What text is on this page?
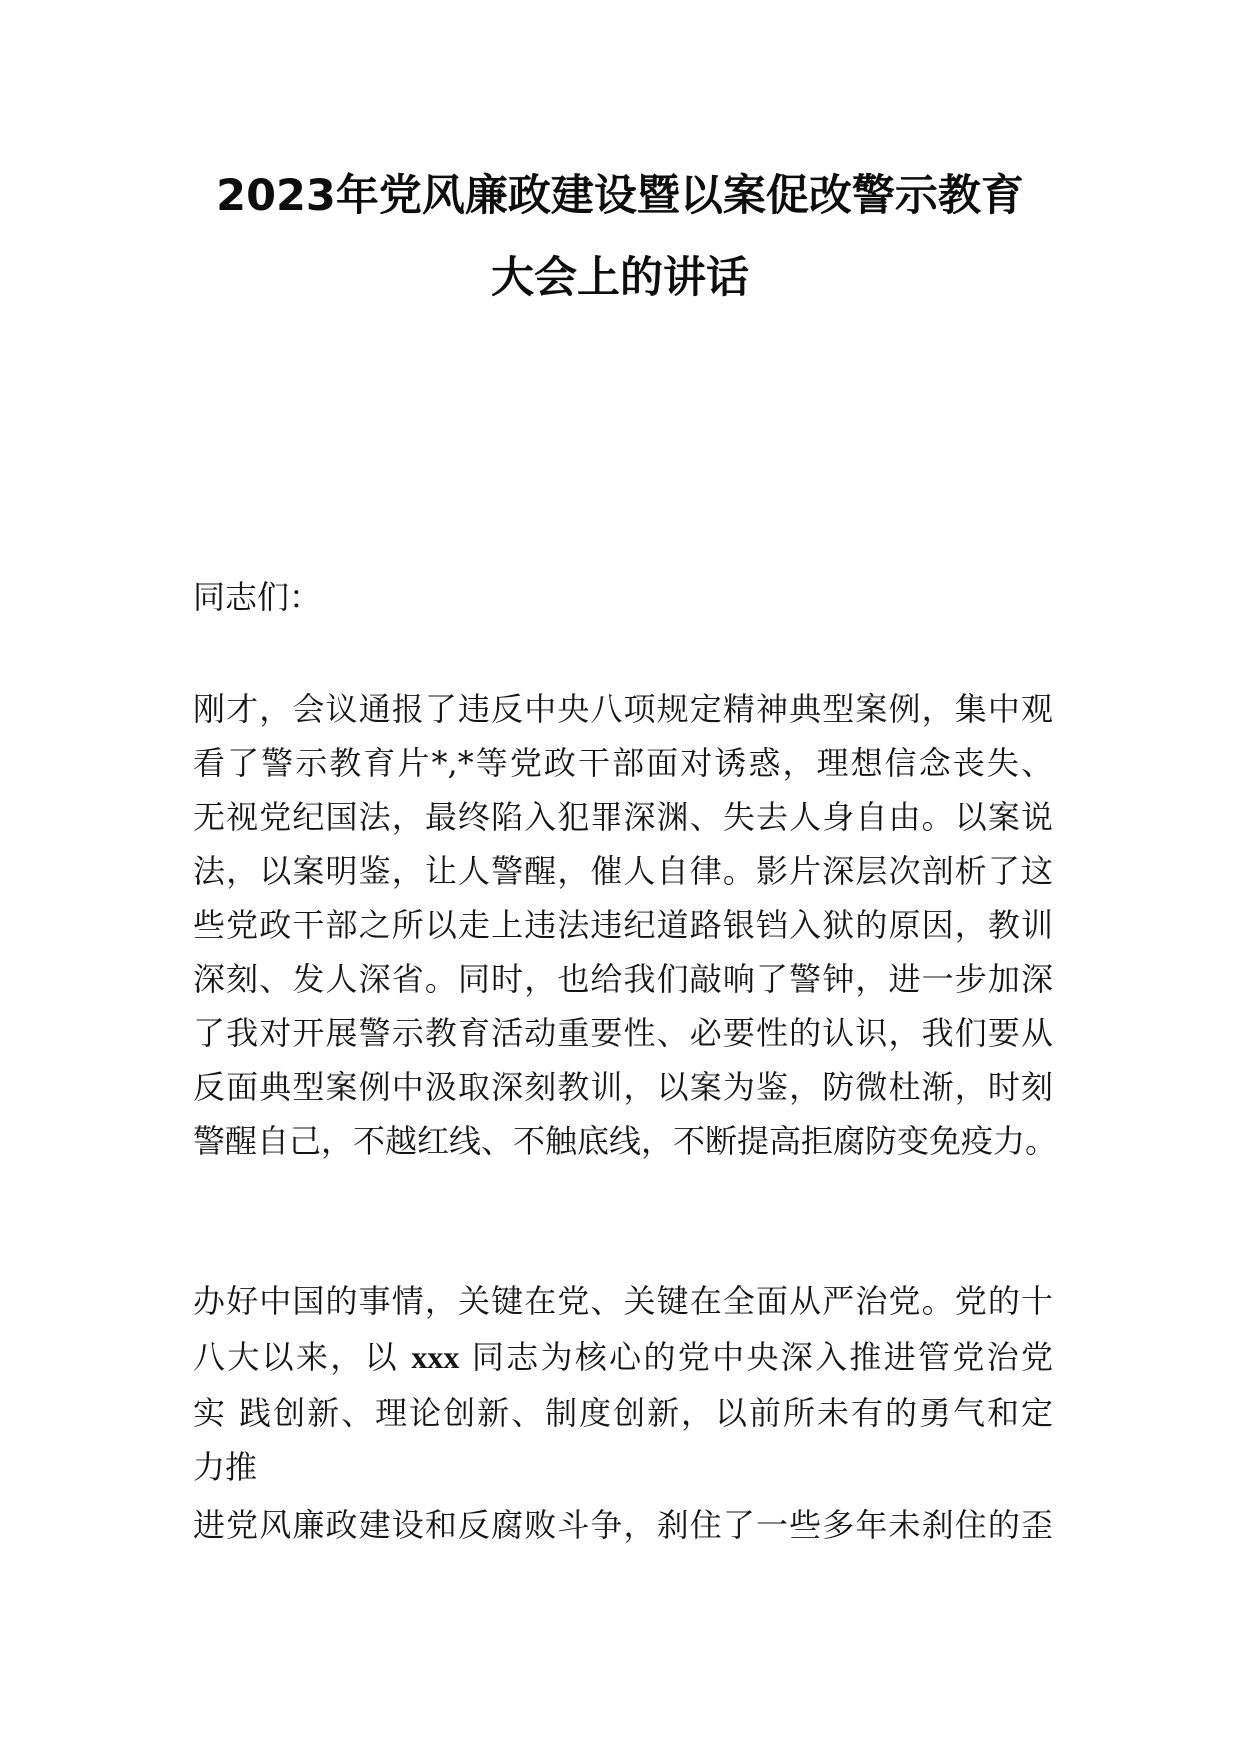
2023年党风廉政建设暨以案促改警示教育
大会上的讲话
同志们：
刚才，会议通报了违反中央八项规定精神典型案例，集中观
看了警示教育片*,*等党政干部面对诱惑，理想信念丧失、
无视党纪国法，最终陷入犯罪深渊、失去人身自由。以案说
法，以案明鉴，让人警醒，催人自律。影片深层次剖析了这
些党政干部之所以走上违法违纪道路银铛入狱的原因，教训
深刻、发人深省。同时，也给我们敲响了警钟，进一步加深
了我对开展警示教育活动重要性、必要性的认识，我们要从
反面典型案例中汲取深刻教训，以案为鉴，防微杜渐，时刻
警醒自己，不越红线、不触底线，不断提高拒腐防变免疫力。
办好中国的事情，关键在党、关键在全面从严治党。党的十
八大以来，以 xxx 同志为核心的党中央深入推进管党治党
实 践创新、理论创新、制度创新，以前所未有的勇气和定
力推
进党风廉政建设和反腐败斗争，刹住了一些多年未刹住的歪
